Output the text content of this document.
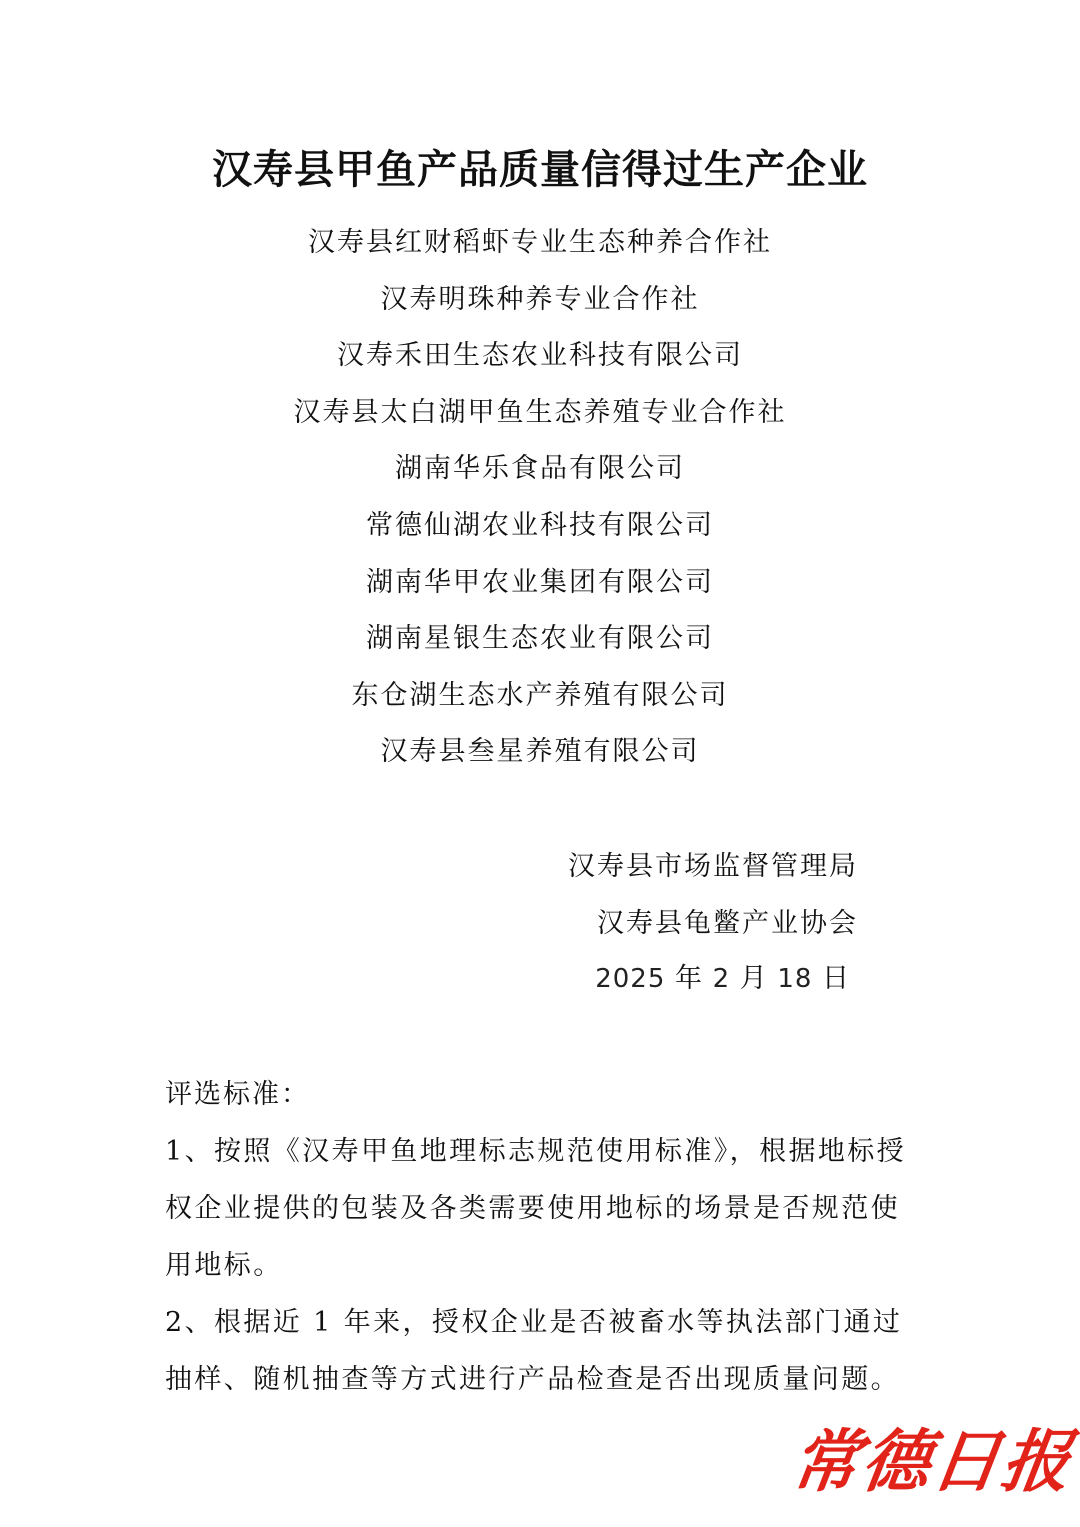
汉寿县甲鱼产品质量信得过生产企业
汉寿县红财稻虾专业生态种养合作社
汉寿明珠种养专业合作社
汉寿禾田生态农业科技有限公司
汉寿县太白湖甲鱼生态养殖专业合作社
湖南华乐食品有限公司
常德仙湖农业科技有限公司
湖南华甲农业集团有限公司
湖南星银生态农业有限公司
东仓湖生态水产养殖有限公司
汉寿县叁星养殖有限公司
汉寿县市场监督管理局
汉寿县龟鳖产业协会
2025 年 2 月 18 日
评选标准：

1、按照《汉寿甲鱼地理标志规范使用标准》，根据地标授权企业提供的包装及各类需要使用地标的场景是否规范使用地标。

2、根据近 1 年来，授权企业是否被畜水等执法部门通过抽样、随机抽查等方式进行产品检查是否出现质量问题。

常德日报
